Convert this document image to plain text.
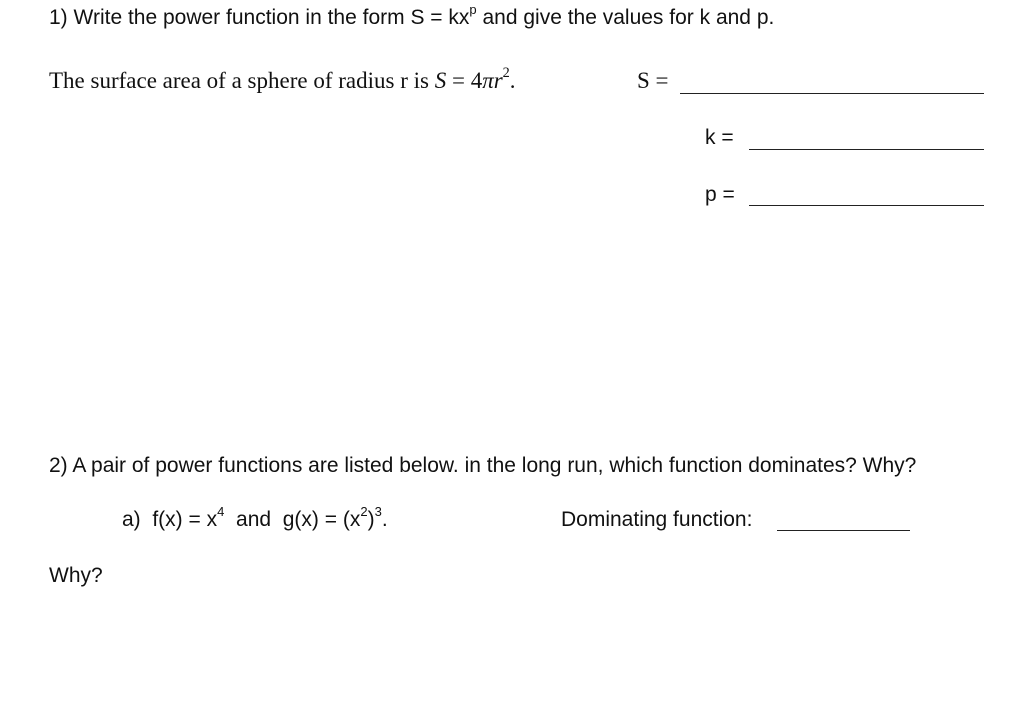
1) Write the power function in the form $S = kx^p$ and give the values for k and p.
The surface area of a sphere of radius r is $S = 4\pi r^2$.	S =
k =
p =
2) A pair of power functions are listed below. in the long run, which function dominates? Why?
a)  $f(x) = x^4$  and  $g(x) = (x^2)^3$.	Dominating function:
Why?
